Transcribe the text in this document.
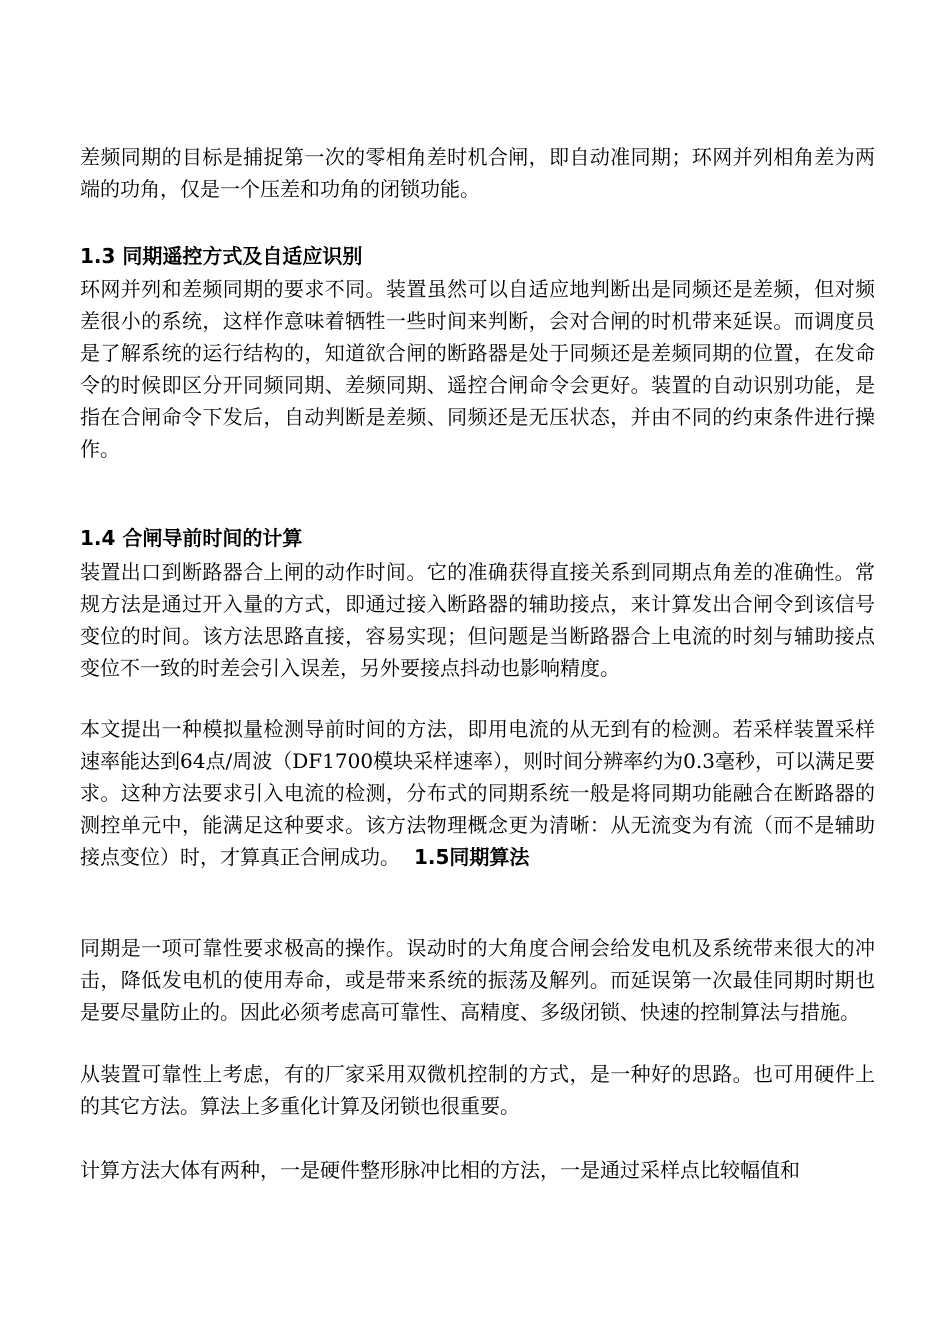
差频同期的目标是捕捉第一次的零相角差时机合闸，即自动准同期；环网并列相角差为两端的功角，仅是一个压差和功角的闭锁功能。

1.3 同期遥控方式及自适应识别

环网并列和差频同期的要求不同。装置虽然可以自适应地判断出是同频还是差频，但对频差很小的系统，这样作意味着牺牲一些时间来判断，会对合闸的时机带来延误。而调度员是了解系统的运行结构的，知道欲合闸的断路器是处于同频还是差频同期的位置，在发命令的时候即区分开同频同期、差频同期、遥控合闸命令会更好。装置的自动识别功能，是指在合闸命令下发后，自动判断是差频、同频还是无压状态，并由不同的约束条件进行操作。

1.4 合闸导前时间的计算

装置出口到断路器合上闸的动作时间。它的准确获得直接关系到同期点角差的准确性。常规方法是通过开入量的方式，即通过接入断路器的辅助接点，来计算发出合闸令到该信号变位的时间。该方法思路直接，容易实现；但问题是当断路器合上电流的时刻与辅助接点变位不一致的时差会引入误差，另外要接点抖动也影响精度。

本文提出一种模拟量检测导前时间的方法，即用电流的从无到有的检测。若采样装置采样速率能达到64点/周波（DF1700模块采样速率），则时间分辨率约为0.3毫秒，可以满足要求。这种方法要求引入电流的检测，分布式的同期系统一般是将同期功能融合在断路器的测控单元中，能满足这种要求。该方法物理概念更为清晰：从无流变为有流（而不是辅助接点变位）时，才算真正合闸成功。 1.5同期算法

同期是一项可靠性要求极高的操作。误动时的大角度合闸会给发电机及系统带来很大的冲击，降低发电机的使用寿命，或是带来系统的振荡及解列。而延误第一次最佳同期时期也是要尽量防止的。因此必须考虑高可靠性、高精度、多级闭锁、快速的控制算法与措施。

从装置可靠性上考虑，有的厂家采用双微机控制的方式，是一种好的思路。也可用硬件上的其它方法。算法上多重化计算及闭锁也很重要。

计算方法大体有两种，一是硬件整形脉冲比相的方法，一是通过采样点比较幅值和
